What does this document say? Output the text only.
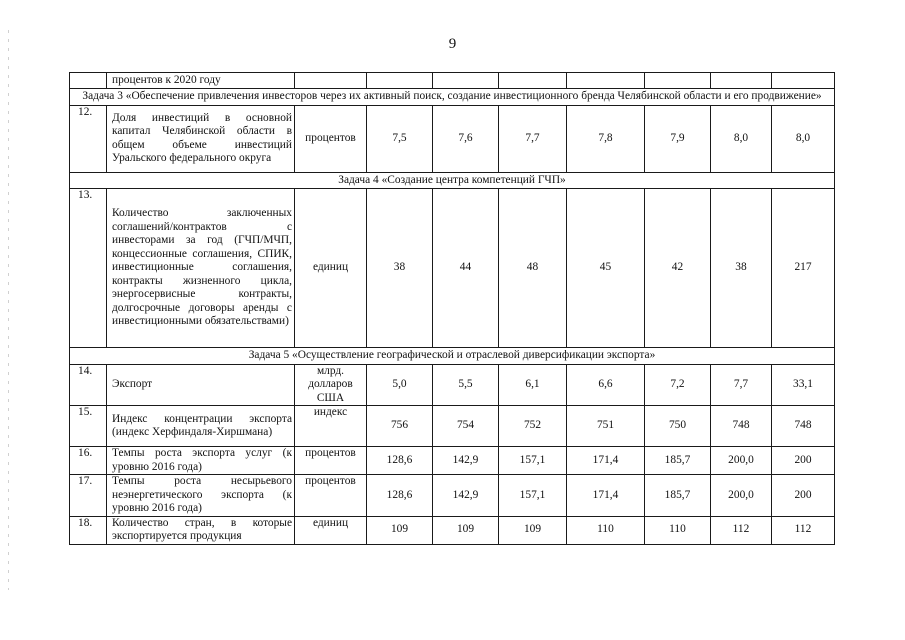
9
	процентов к 2020 году								
Задача 3 «Обеспечение привлечения инвесторов через их активный поиск, создание инвестиционного бренда Челябинской области и его продвижение»									
12.	Доля инвестиций в основной капитал Челябинской области в общем объеме инвестиций Уральского федерального округа	процентов	7,5	7,6	7,7	7,8	7,9	8,0	8,0
Задача 4 «Создание центра компетенций ГЧП»									
13.	Количество заключенных соглашений/контрактов с инвесторами за год (ГЧП/МЧП, концессионные соглашения, СПИК, инвестиционные соглашения, контракты жизненного цикла, энергосервисные контракты, долгосрочные договоры аренды с инвестиционными обязательствами)	единиц	38	44	48	45	42	38	217
Задача 5 «Осуществление географической и отраслевой диверсификации экспорта»									
14.	Экспорт	млрд. долларов США	5,0	5,5	6,1	6,6	7,2	7,7	33,1
15.	Индекс концентрации экспорта (индекс Херфиндаля-Хиршмана)	индекс	756	754	752	751	750	748	748
16.	Темпы роста экспорта услуг (к уровню 2016 года)	процентов	128,6	142,9	157,1	171,4	185,7	200,0	200
17.	Темпы роста несырьевого неэнергетического экспорта (к уровню 2016 года)	процентов	128,6	142,9	157,1	171,4	185,7	200,0	200
18.	Количество стран, в которые экспортируется продукция	единиц	109	109	109	110	110	112	112
